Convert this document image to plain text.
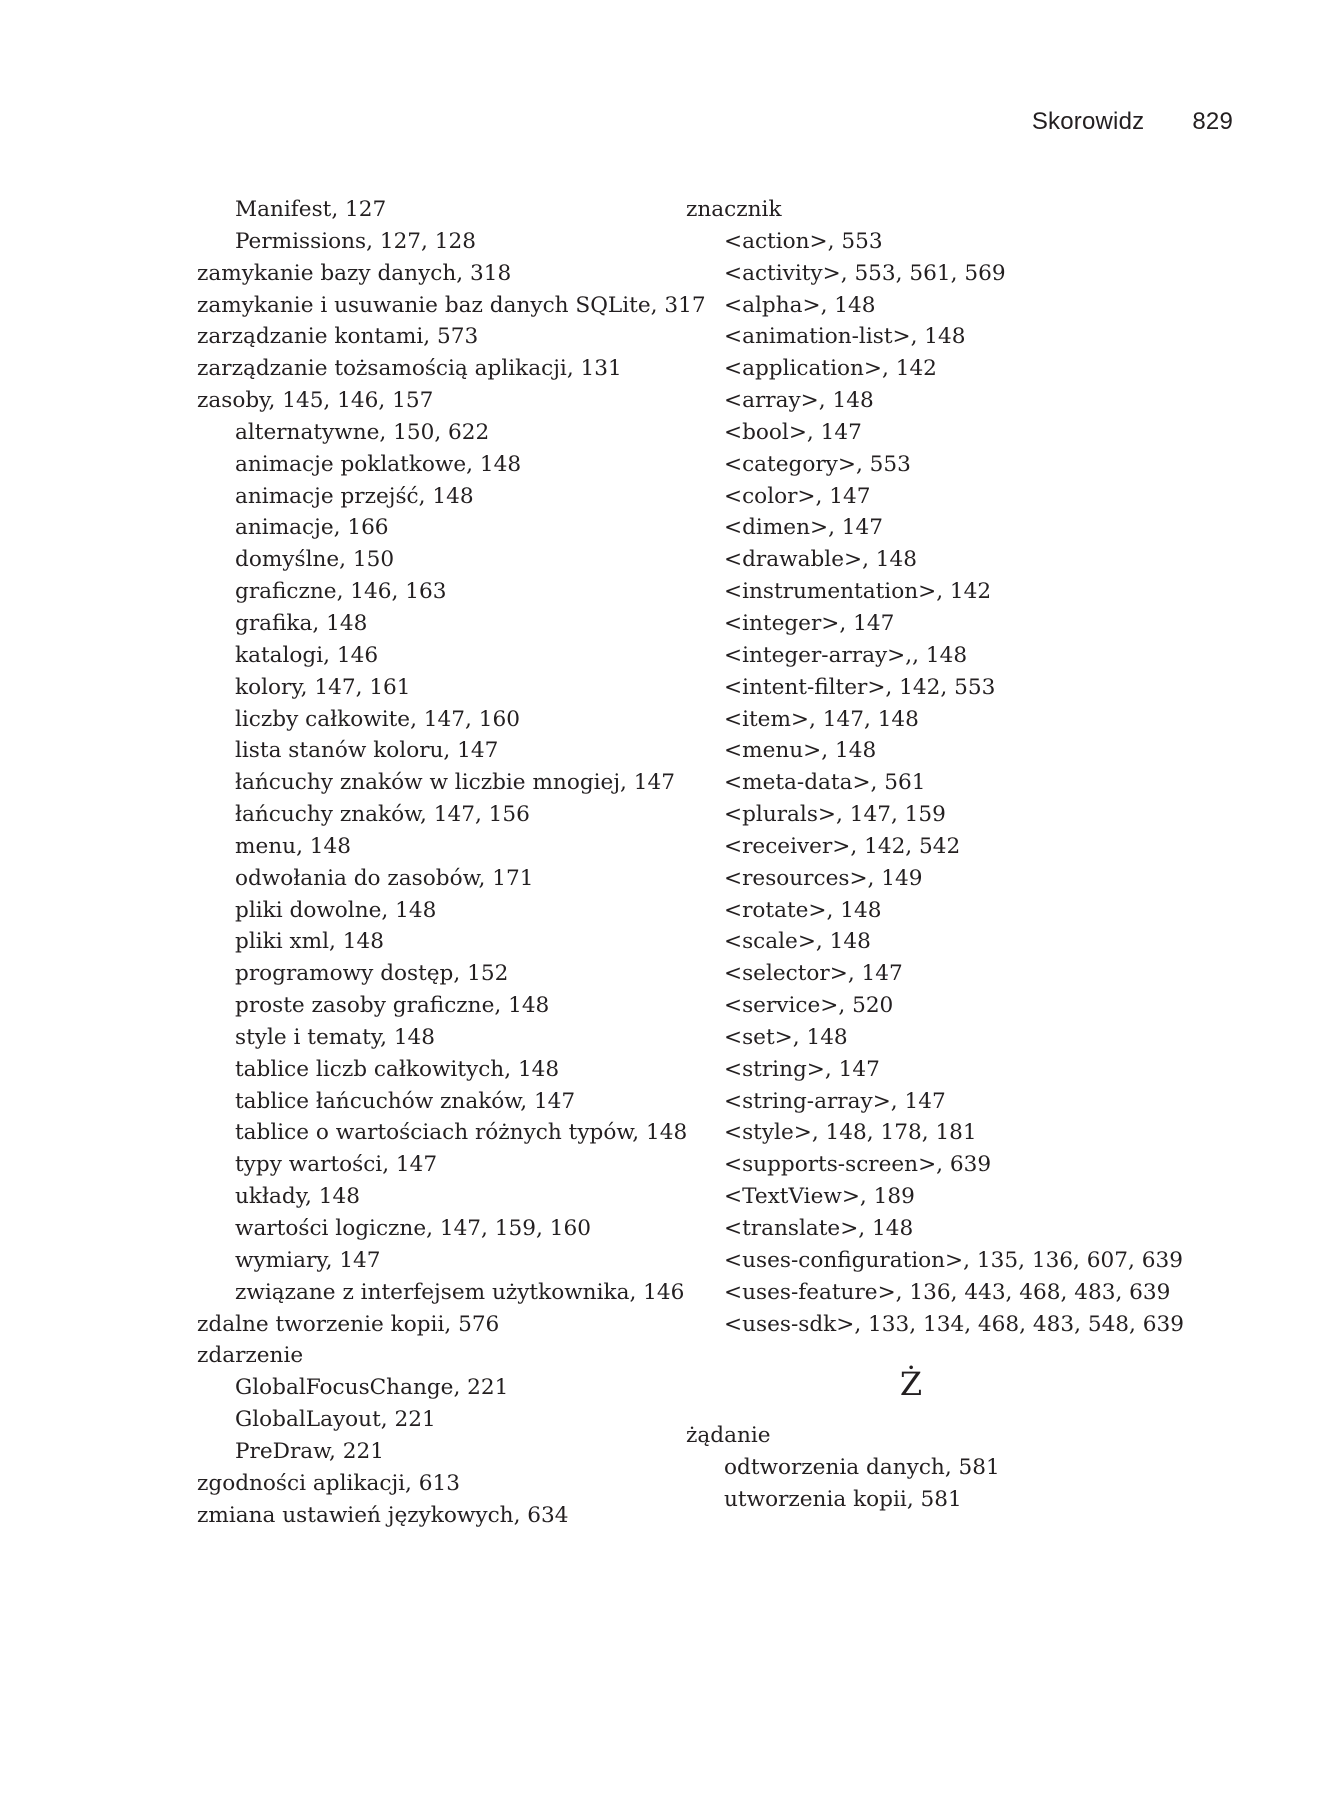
Skorowidz 829
Manifest, 127
Permissions, 127, 128
zamykanie bazy danych, 318
zamykanie i usuwanie baz danych SQLite, 317
zarządzanie kontami, 573
zarządzanie tożsamością aplikacji, 131
zasoby, 145, 146, 157
alternatywne, 150, 622
animacje poklatkowe, 148
animacje przejść, 148
animacje, 166
domyślne, 150
graficzne, 146, 163
grafika, 148
katalogi, 146
kolory, 147, 161
liczby całkowite, 147, 160
lista stanów koloru, 147
łańcuchy znaków w liczbie mnogiej, 147
łańcuchy znaków, 147, 156
menu, 148
odwołania do zasobów, 171
pliki dowolne, 148
pliki xml, 148
programowy dostęp, 152
proste zasoby graficzne, 148
style i tematy, 148
tablice liczb całkowitych, 148
tablice łańcuchów znaków, 147
tablice o wartościach różnych typów, 148
typy wartości, 147
układy, 148
wartości logiczne, 147, 159, 160
wymiary, 147
związane z interfejsem użytkownika, 146
zdalne tworzenie kopii, 576
zdarzenie
GlobalFocusChange, 221
GlobalLayout, 221
PreDraw, 221
zgodności aplikacji, 613
zmiana ustawień językowych, 634
znacznik
<action>, 553
<activity>, 553, 561, 569
<alpha>, 148
<animation-list>, 148
<application>, 142
<array>, 148
<bool>, 147
<category>, 553
<color>, 147
<dimen>, 147
<drawable>, 148
<instrumentation>, 142
<integer>, 147
<integer-array>,, 148
<intent-filter>, 142, 553
<item>, 147, 148
<menu>, 148
<meta-data>, 561
<plurals>, 147, 159
<receiver>, 142, 542
<resources>, 149
<rotate>, 148
<scale>, 148
<selector>, 147
<service>, 520
<set>, 148
<string>, 147
<string-array>, 147
<style>, 148, 178, 181
<supports-screen>, 639
<TextView>, 189
<translate>, 148
<uses-configuration>, 135, 136, 607, 639
<uses-feature>, 136, 443, 468, 483, 639
<uses-sdk>, 133, 134, 468, 483, 548, 639
Ż
żądanie
odtworzenia danych, 581
utworzenia kopii, 581
